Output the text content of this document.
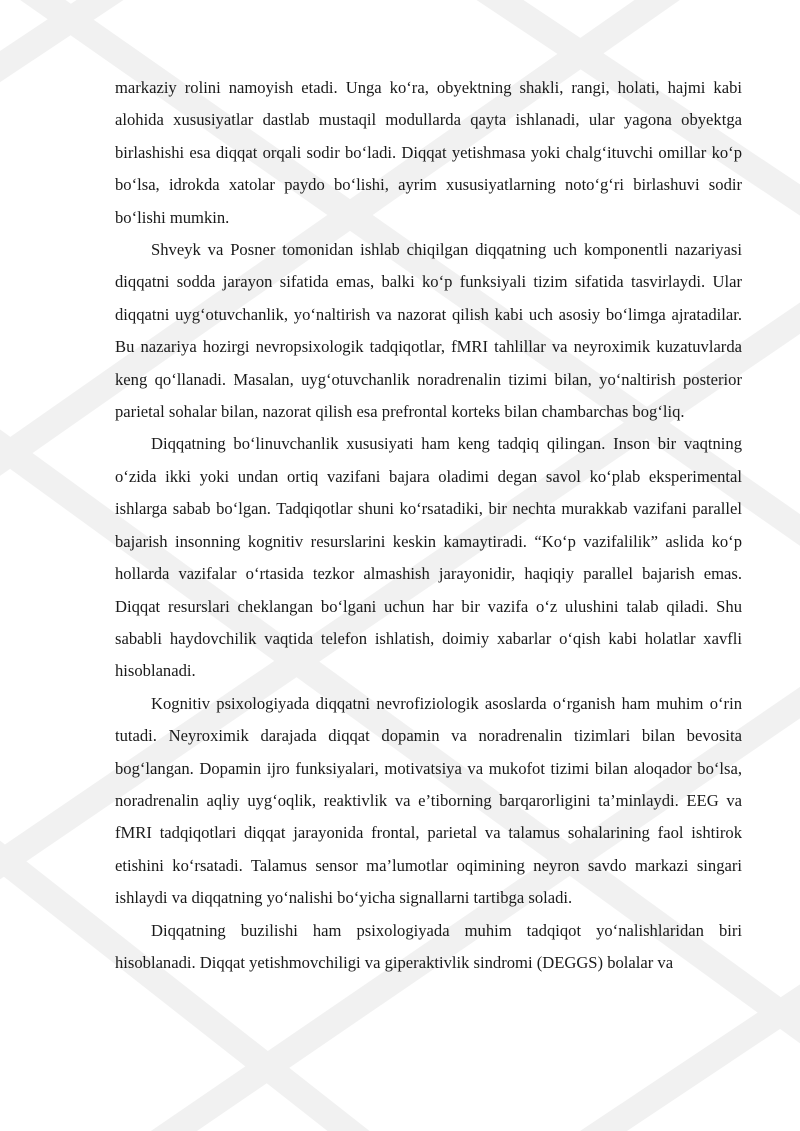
markaziy rolini namoyish etadi. Unga ko‘ra, obyektning shakli, rangi, holati, hajmi kabi alohida xususiyatlar dastlab mustaqil modullarda qayta ishlanadi, ular yagona obyektga birlashishi esa diqqat orqali sodir bo‘ladi. Diqqat yetishmasa yoki chalg‘ituvchi omillar ko‘p bo‘lsa, idrokda xatolar paydo bo‘lishi, ayrim xususiyatlarning noto‘g‘ri birlashuvi sodir bo‘lishi mumkin.

Shveyk va Posner tomonidan ishlab chiqilgan diqqatning uch komponentli nazariyasi diqqatni sodda jarayon sifatida emas, balki ko‘p funksiyali tizim sifatida tasvirlaydi. Ular diqqatni uyg‘otuvchanlik, yo‘naltirish va nazorat qilish kabi uch asosiy bo‘limga ajratadilar. Bu nazariya hozirgi nevropsixologik tadqiqotlar, fMRI tahlillar va neyroximik kuzatuvlarda keng qo‘llanadi. Masalan, uyg‘otuvchanlik noradrenalin tizimi bilan, yo‘naltirish posterior parietal sohalar bilan, nazorat qilish esa prefrontal korteks bilan chambarchas bog‘liq.

Diqqatning bo‘linuvchanlik xususiyati ham keng tadqiq qilingan. Inson bir vaqtning o‘zida ikki yoki undan ortiq vazifani bajara oladimi degan savol ko‘plab eksperimental ishlarga sabab bo‘lgan. Tadqiqotlar shuni ko‘rsatadiki, bir nechta murakkab vazifani parallel bajarish insonning kognitiv resurslarini keskin kamaytiradi. “Ko‘p vazifalilik” aslida ko‘p hollarda vazifalar o‘rtasida tezkor almashish jarayonidir, haqiqiy parallel bajarish emas. Diqqat resurslari cheklangan bo‘lgani uchun har bir vazifa o‘z ulushini talab qiladi. Shu sababli haydovchilik vaqtida telefon ishlatish, doimiy xabarlar o‘qish kabi holatlar xavfli hisoblanadi.

Kognitiv psixologiyada diqqatni nevrofiziologik asoslarda o‘rganish ham muhim o‘rin tutadi. Neyroximik darajada diqqat dopamin va noradrenalin tizimlari bilan bevosita bog‘langan. Dopamin ijro funksiyalari, motivatsiya va mukofot tizimi bilan aloqador bo‘lsa, noradrenalin aqliy uyg‘oqlik, reaktivlik va e’tiborning barqarorligini ta’minlaydi. EEG va fMRI tadqiqotlari diqqat jarayonida frontal, parietal va talamus sohalarining faol ishtirok etishini ko‘rsatadi. Talamus sensor ma’lumotlar oqimining neyron savdo markazi singari ishlaydi va diqqatning yo‘nalishi bo‘yicha signallarni tartibga soladi.

Diqqatning buzilishi ham psixologiyada muhim tadqiqot yo‘nalishlaridan biri hisoblanadi. Diqqat yetishmovchiligi va giperaktivlik sindromi (DEGGS) bolalar va
